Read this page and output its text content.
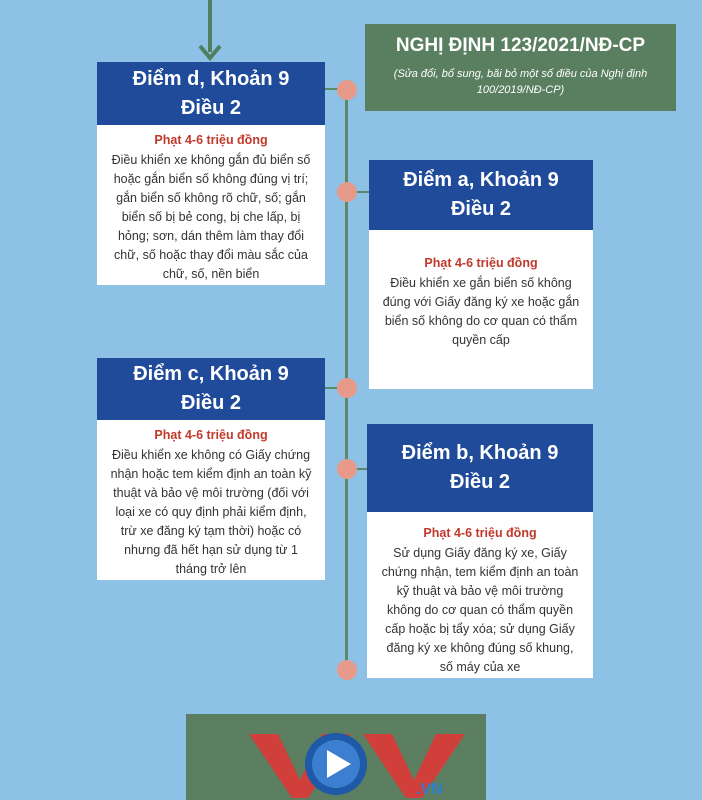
NGHỊ ĐỊNH 123/2021/NĐ-CP
(Sửa đổi, bổ sung, bãi bỏ một số điều của Nghị định 100/2019/NĐ-CP)
Điểm d, Khoản 9
Điều 2
Phạt 4-6 triệu đồng
Điều khiển xe không gắn đủ biển số hoặc gắn biển số không đúng vị trí; gắn biển số không rõ chữ, số; gắn biển số bị bẻ cong, bị che lấp, bị hỏng; sơn, dán thêm làm thay đổi chữ, số hoặc thay đổi màu sắc của chữ, số, nền biển
Điểm a, Khoản 9
Điều 2
Phạt 4-6 triệu đồng
Điều khiển xe gắn biển số không đúng với Giấy đăng ký xe hoặc gắn biển số không do cơ quan có thẩm quyền cấp
Điểm c, Khoản 9
Điều 2
Phạt 4-6 triệu đồng
Điều khiển xe không có Giấy chứng nhận hoặc tem kiểm định an toàn kỹ thuật và bảo vệ môi trường (đối với loại xe có quy định phải kiểm định, trừ xe đăng ký tạm thời) hoặc có nhưng đã hết hạn sử dụng từ 1 tháng trở lên
Điểm b, Khoản 9
Điều 2
Phạt 4-6 triệu đồng
Sử dụng Giấy đăng ký xe, Giấy chứng nhận, tem kiểm định an toàn kỹ thuật và bảo vệ môi trường không do cơ quan có thẩm quyền cấp hoặc bị tẩy xóa; sử dụng Giấy đăng ký xe không đúng số khung, số máy của xe
.VN
